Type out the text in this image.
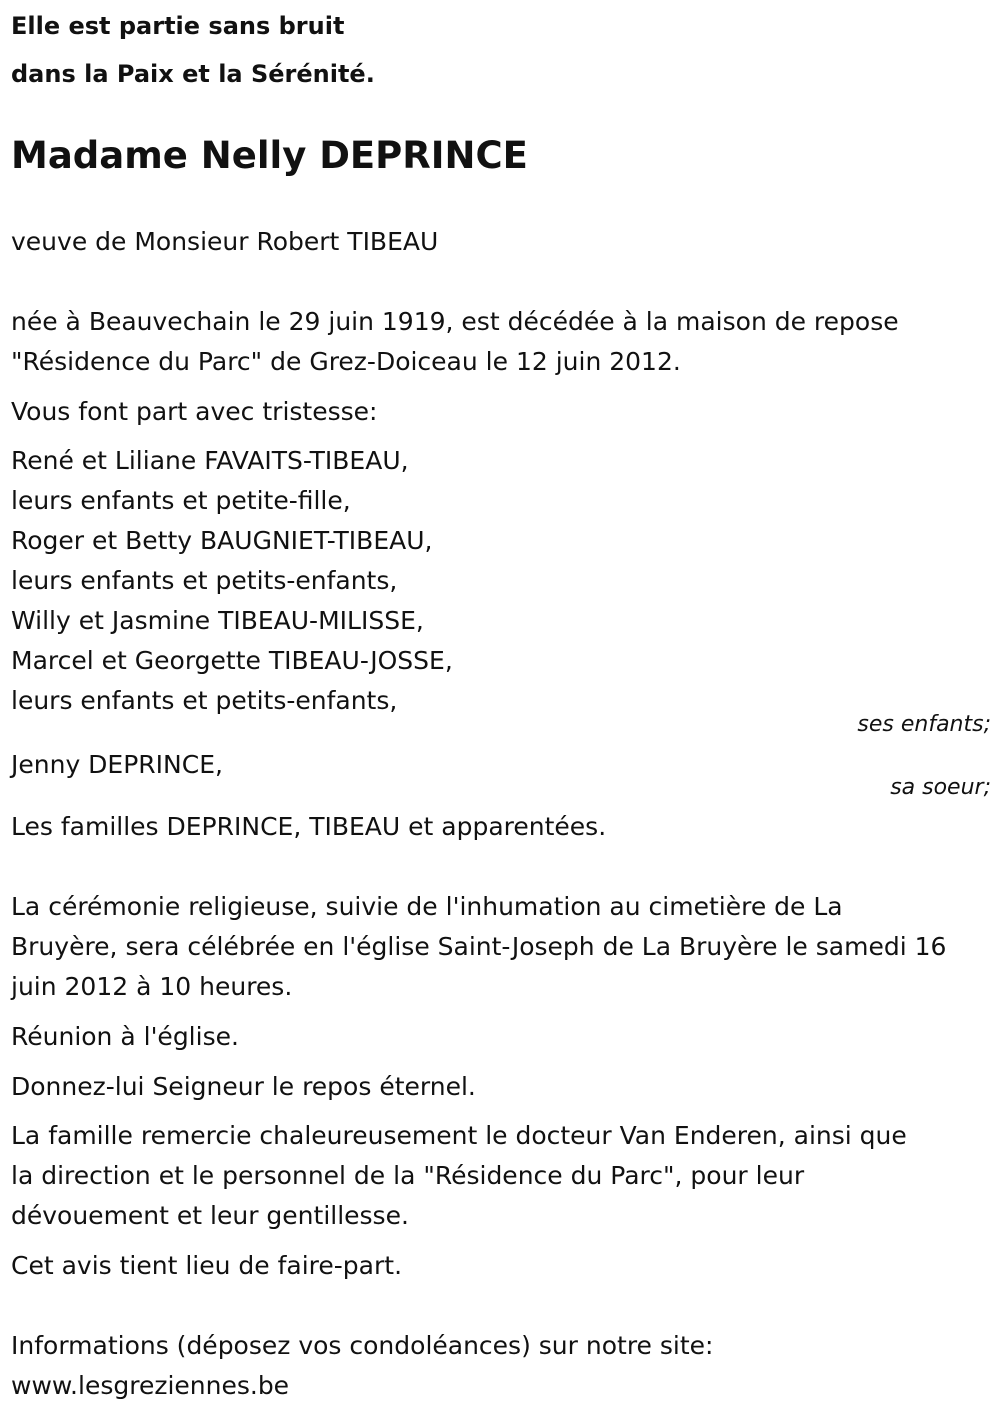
Elle est partie sans bruit
dans la Paix et la Sérénité.
Madame Nelly DEPRINCE
veuve de Monsieur Robert TIBEAU
née à Beauvechain le 29 juin 1919, est décédée à la maison de repose
"Résidence du Parc" de Grez-Doiceau le 12 juin 2012.
Vous font part avec tristesse:
René et Liliane FAVAITS-TIBEAU,
leurs enfants et petite-fille,
Roger et Betty BAUGNIET-TIBEAU,
leurs enfants et petits-enfants,
Willy et Jasmine TIBEAU-MILISSE,
Marcel et Georgette TIBEAU-JOSSE,
leurs enfants et petits-enfants,
ses enfants;
Jenny DEPRINCE,
sa soeur;
Les familles DEPRINCE, TIBEAU et apparentées.
La cérémonie religieuse, suivie de l'inhumation au cimetière de La
Bruyère, sera célébrée en l'église Saint-Joseph de La Bruyère le samedi 16
juin 2012 à 10 heures.
Réunion à l'église.
Donnez-lui Seigneur le repos éternel.
La famille remercie chaleureusement le docteur Van Enderen, ainsi que
la direction et le personnel de la "Résidence du Parc", pour leur
dévouement et leur gentillesse.
Cet avis tient lieu de faire-part.
Informations (déposez vos condoléances) sur notre site:
www.lesgreziennes.be
